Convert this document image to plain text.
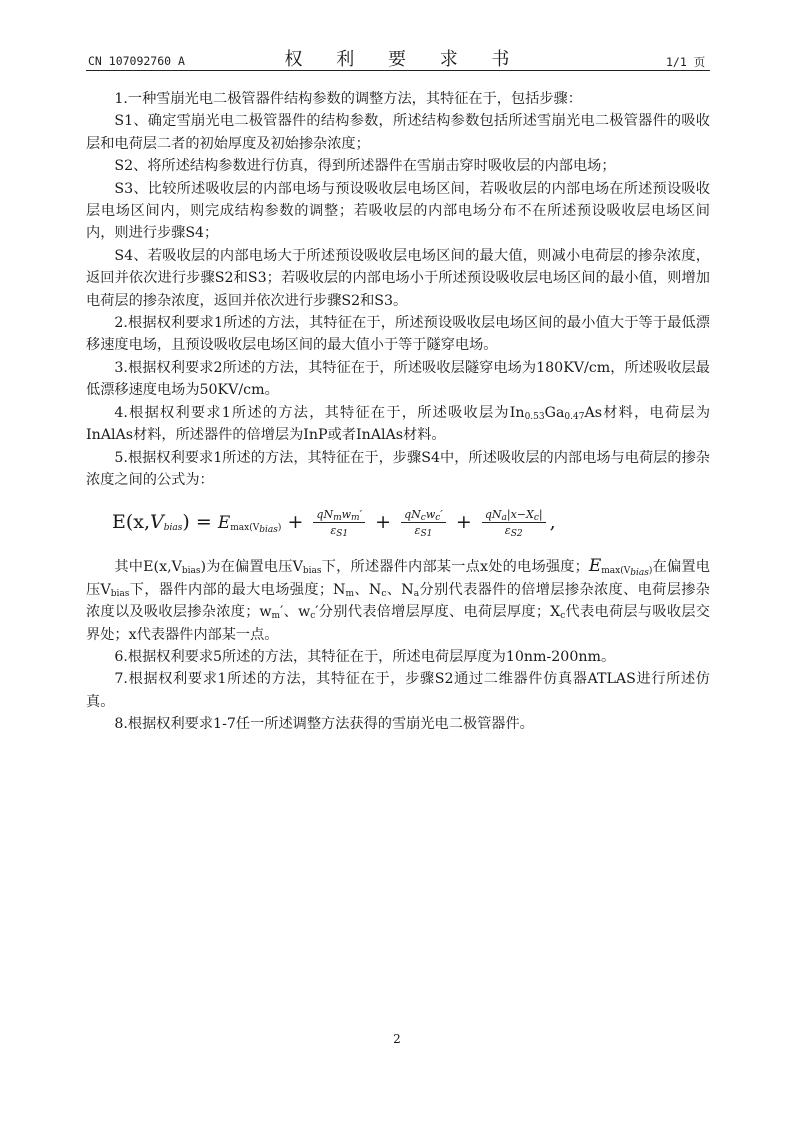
CN 107092760 A	权 利 要 求 书	1/1 页

1.一种雪崩光电二极管器件结构参数的调整方法，其特征在于，包括步骤：

S1、确定雪崩光电二极管器件的结构参数，所述结构参数包括所述雪崩光电二极管器件的吸收层和电荷层二者的初始厚度及初始掺杂浓度；

S2、将所述结构参数进行仿真，得到所述器件在雪崩击穿时吸收层的内部电场；

S3、比较所述吸收层的内部电场与预设吸收层电场区间，若吸收层的内部电场在所述预设吸收层电场区间内，则完成结构参数的调整；若吸收层的内部电场分布不在所述预设吸收层电场区间内，则进行步骤S4；

S4、若吸收层的内部电场大于所述预设吸收层电场区间的最大值，则减小电荷层的掺杂浓度，返回并依次进行步骤S2和S3；若吸收层的内部电场小于所述预设吸收层电场区间的最小值，则增加电荷层的掺杂浓度，返回并依次进行步骤S2和S3。

2.根据权利要求1所述的方法，其特征在于，所述预设吸收层电场区间的最小值大于等于最低漂移速度电场，且预设吸收层电场区间的最大值小于等于隧穿电场。

3.根据权利要求2所述的方法，其特征在于，所述吸收层隧穿电场为180KV/cm，所述吸收层最低漂移速度电场为50KV/cm。

4.根据权利要求1所述的方法，其特征在于，所述吸收层为$In_{0.53}Ga_{0.47}As$材料，电荷层为InAlAs材料，所述器件的倍增层为InP或者InAlAs材料。

5.根据权利要求1所述的方法，其特征在于，步骤S4中，所述吸收层的内部电场与电荷层的掺杂浓度之间的公式为：

$E(x,V_{bias}) = E_{max(V_{bias})} + \frac{qN_mw_m'}{\varepsilon_{S1}} + \frac{qN_cw_c'}{\varepsilon_{S1}} + \frac{qN_a|x-X_c|}{\varepsilon_{S2}}$ ,

其中$E(x,V_{bias})$为在偏置电压$V_{bias}$下，所述器件内部某一点x处的电场强度；$E_{max(V_{bias})}$在偏置电压$V_{bias}$下，器件内部的最大电场强度；$N_m$、$N_c$、$N_a$分别代表器件的倍增层掺杂浓度、电荷层掺杂浓度以及吸收层掺杂浓度；$w_m'$、$w_c'$分别代表倍增层厚度、电荷层厚度；$X_c$代表电荷层与吸收层交界处；x代表器件内部某一点。

6.根据权利要求5所述的方法，其特征在于，所述电荷层厚度为10nm-200nm。

7.根据权利要求1所述的方法，其特征在于，步骤S2通过二维器件仿真器ATLAS进行所述仿真。

8.根据权利要求1-7任一所述调整方法获得的雪崩光电二极管器件。

2
